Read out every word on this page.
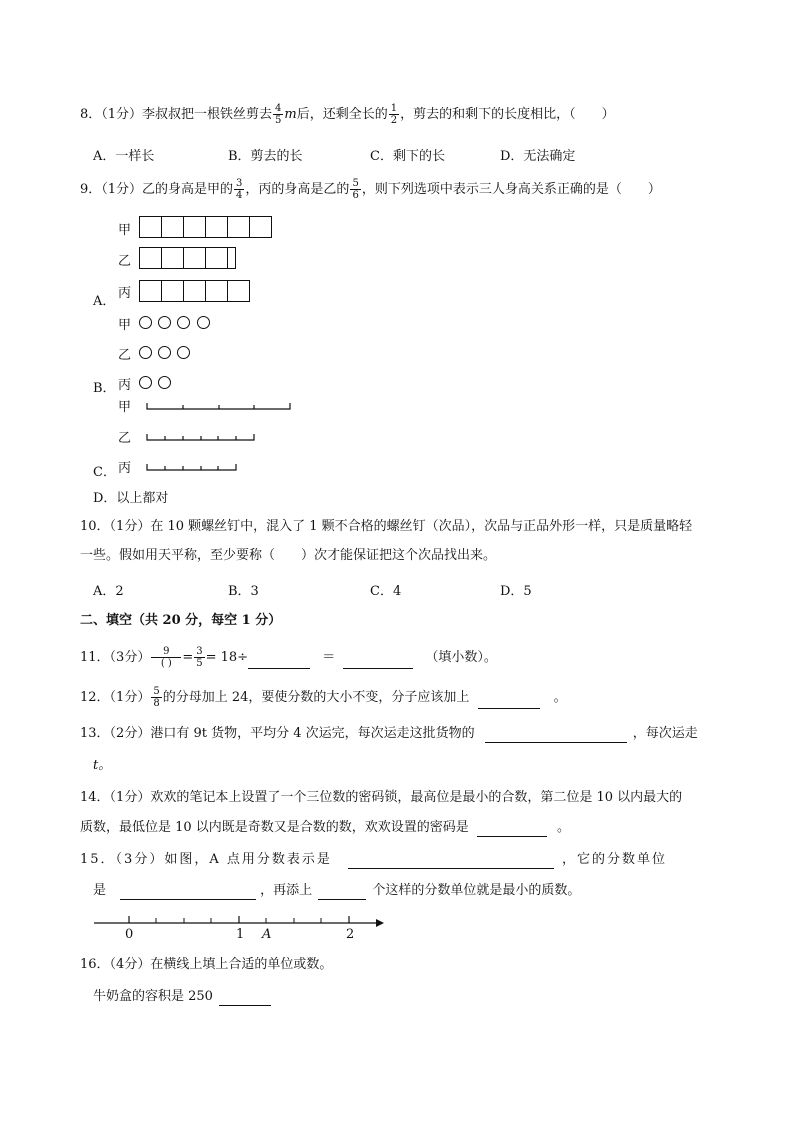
8．（1分）李叔叔把一根铁丝剪去 $\frac{4}{5}$ m后，还剩全长的 $\frac{1}{2}$ ，剪去的和剩下的长度相比，（　　）
A．一样长	B．剪去的长	C．剩下的长	D．无法确定
9．（1分）乙的身高是甲的 $\frac{3}{4}$ ，丙的身高是乙的 $\frac{5}{6}$ ，则下列选项中表示三人身高关系正确的是（　　）
甲
乙
A．
丙
甲
乙
B． 丙
甲
乙
C． 丙
D．以上都对
10．（1分）在 10 颗螺丝钉中，混入了 1 颗不合格的螺丝钉（次品），次品与正品外形一样，只是质量略轻
一些。假如用天平称，至少要称（　　）次才能保证把这个次品找出来。
A．2	B．3	C．4	D．5
二、填空（共 20 分，每空 1 分）
11．（3分） $\frac{9}{( )} = \frac{3}{5} = 18\div$	＝	（填小数）。
12．（1分） $\frac{5}{8}$ 的分母加上 24，要使分数的大小不变，分子应该加上	。
13．（2分）港口有 9t 货物，平均分 4 次运完，每次运走这批货物的	，每次运走
t。
14．（1分）欢欢的笔记本上设置了一个三位数的密码锁，最高位是最小的合数，第二位是 10 以内最大的
质数，最低位是 10 以内既是奇数又是合数的数，欢欢设置的密码是	。
15．（3分）如图，A 点用分数表示是	，它的分数单位
是	，再添上	个这样的分数单位就是最小的质数。
0	1 A	2
16．（4分）在横线上填上合适的单位或数。
牛奶盒的容积是 250
